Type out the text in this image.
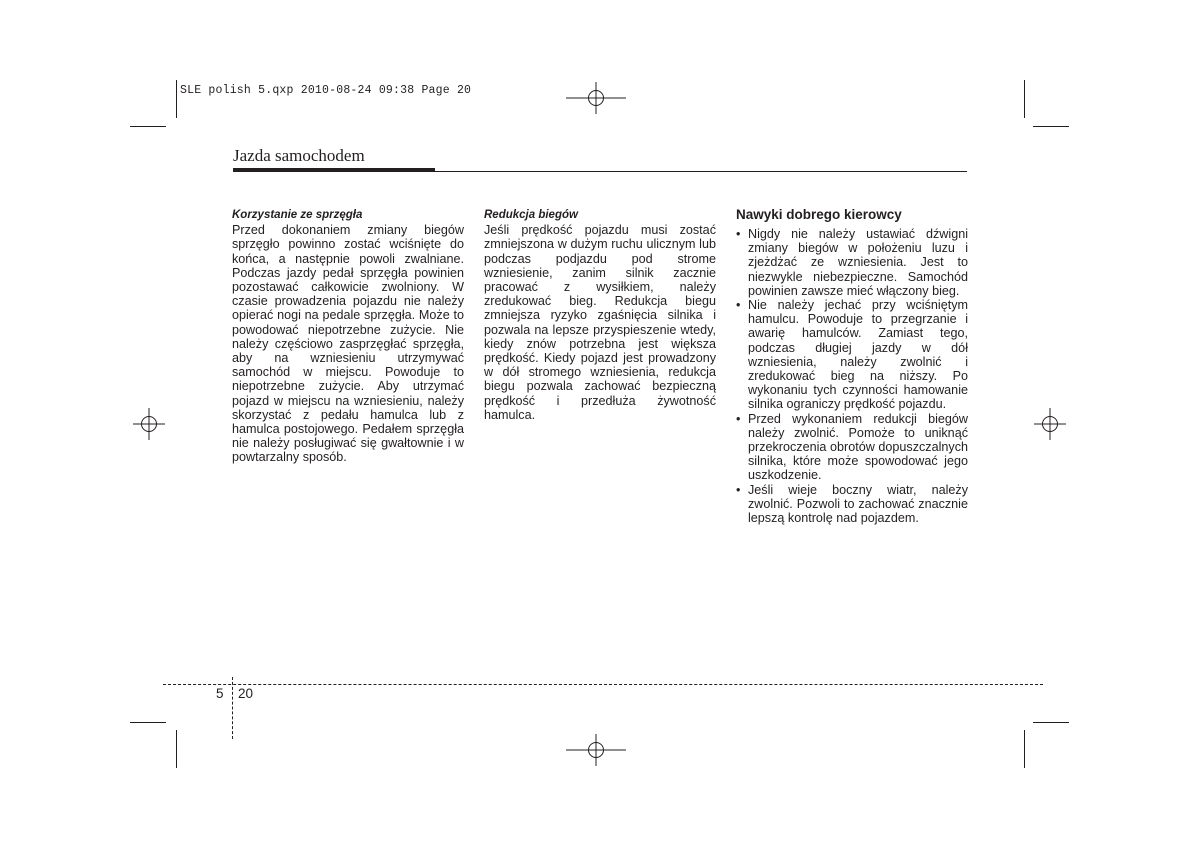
SLE polish 5.qxp 2010-08-24 09:38 Page 20
Jazda samochodem
Korzystanie ze sprzęgła
Przed dokonaniem zmiany biegów sprzęgło powinno zostać wciśnięte do końca, a następnie powoli zwalniane. Podczas jazdy pedał sprzęgła powinien pozostawać całkowicie zwolniony. W czasie prowadzenia pojazdu nie należy opierać nogi na pedale sprzęgła. Może to powodować niepotrzebne zużycie. Nie należy częściowo zasprzęgłać sprzęgła, aby na wzniesieniu utrzymywać samochód w miejscu. Powoduje to niepotrzebne zużycie. Aby utrzymać pojazd w miejscu na wzniesieniu, należy skorzystać z pedału hamulca lub z hamulca postojowego. Pedałem sprzęgła nie należy posługiwać się gwałtownie i w powtarzalny sposób.
Redukcja biegów
Jeśli prędkość pojazdu musi zostać zmniejszona w dużym ruchu ulicznym lub podczas podjazdu pod strome wzniesienie, zanim silnik zacznie pracować z wysiłkiem, należy zredukować bieg. Redukcja biegu zmniejsza ryzyko zgaśnięcia silnika i pozwala na lepsze przyspieszenie wtedy, kiedy znów potrzebna jest większa prędkość. Kiedy pojazd jest prowadzony w dół stromego wzniesienia, redukcja biegu pozwala zachować bezpieczną prędkość i przedłuża żywotność hamulca.
Nawyki dobrego kierowcy
• Nigdy nie należy ustawiać dźwigni zmiany biegów w położeniu luzu i zjeżdżać ze wzniesienia. Jest to niezwykle niebezpieczne. Samochód powinien zawsze mieć włączony bieg.
• Nie należy jechać przy wciśniętym hamulcu. Powoduje to przegrzanie i awarię hamulców. Zamiast tego, podczas długiej jazdy w dół wzniesienia, należy zwolnić i zredukować bieg na niższy. Po wykonaniu tych czynności hamowanie silnika ograniczy prędkość pojazdu.
• Przed wykonaniem redukcji biegów należy zwolnić. Pomoże to uniknąć przekroczenia obrotów dopuszczalnych silnika, które może spowodować jego uszkodzenie.
• Jeśli wieje boczny wiatr, należy zwolnić. Pozwoli to zachować znacznie lepszą kontrolę nad pojazdem.
5 20
